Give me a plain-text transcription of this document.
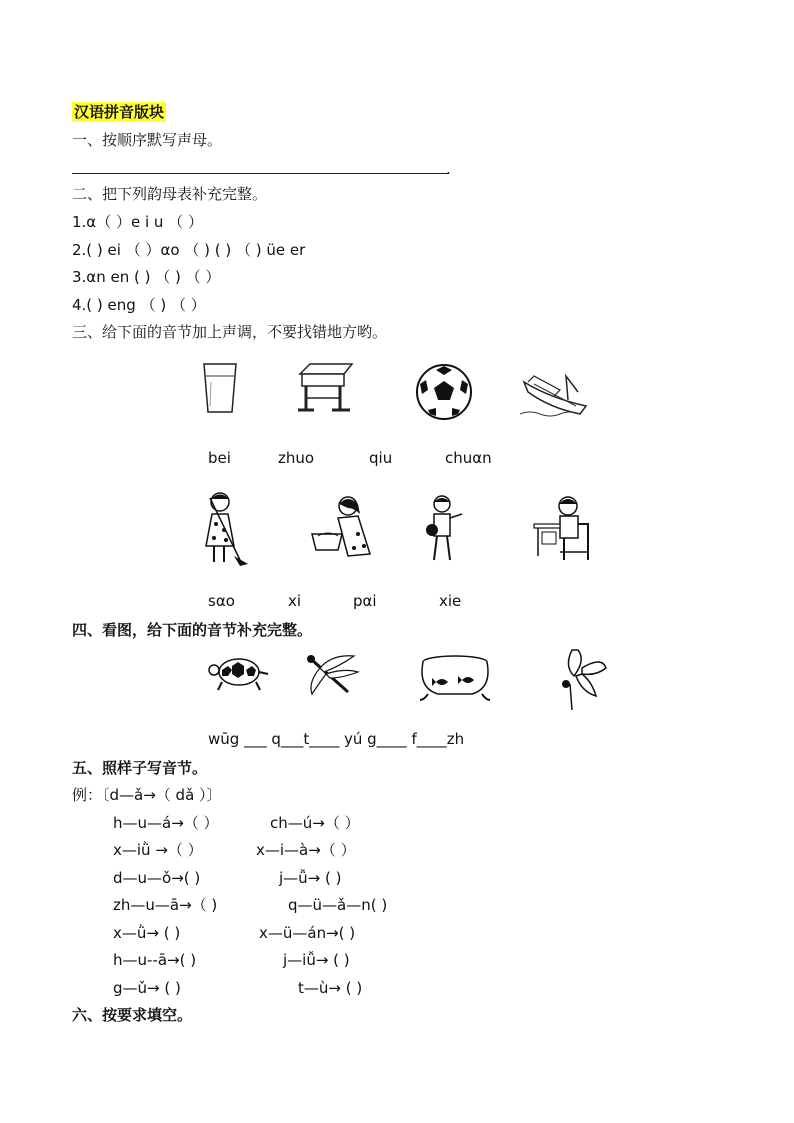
汉语拼音版块
一、按顺序默写声母。
.
二、把下列韵母表补充完整。
1.α（ ）e i u （ ）
2.( ) ei （ ）αo （ ) ( ) （ ) üe er
3.αn en ( ) （ ) （ ）
4.( ) eng （ ) （ ）
三、给下面的音节加上声调，不要找错地方哟。
bei	zhuo	qiu	chuαn
sαo	xi	pαi	xie
四、看图，给下面的音节补充完整。
wūg ___ q___t____ yú g____ f____zh
五、照样子写音节。
例：〔d—ǎ→（ dǎ ）〕
h—u—á→（ ）	ch—ú→（ ）
x—iǜ →（ ）	x—i—à→（ ）
d—u—ǒ→( )	j—ǚ→ ( )
zh—u—ā→（ )	q—ü—ǎ—n( )
x—ǜ→ ( )	x—ü—án→( )
h—u--ā→( )	j—iǚ→ ( )
g—ǔ→ ( )	t—ù→ ( )
六、按要求填空。
